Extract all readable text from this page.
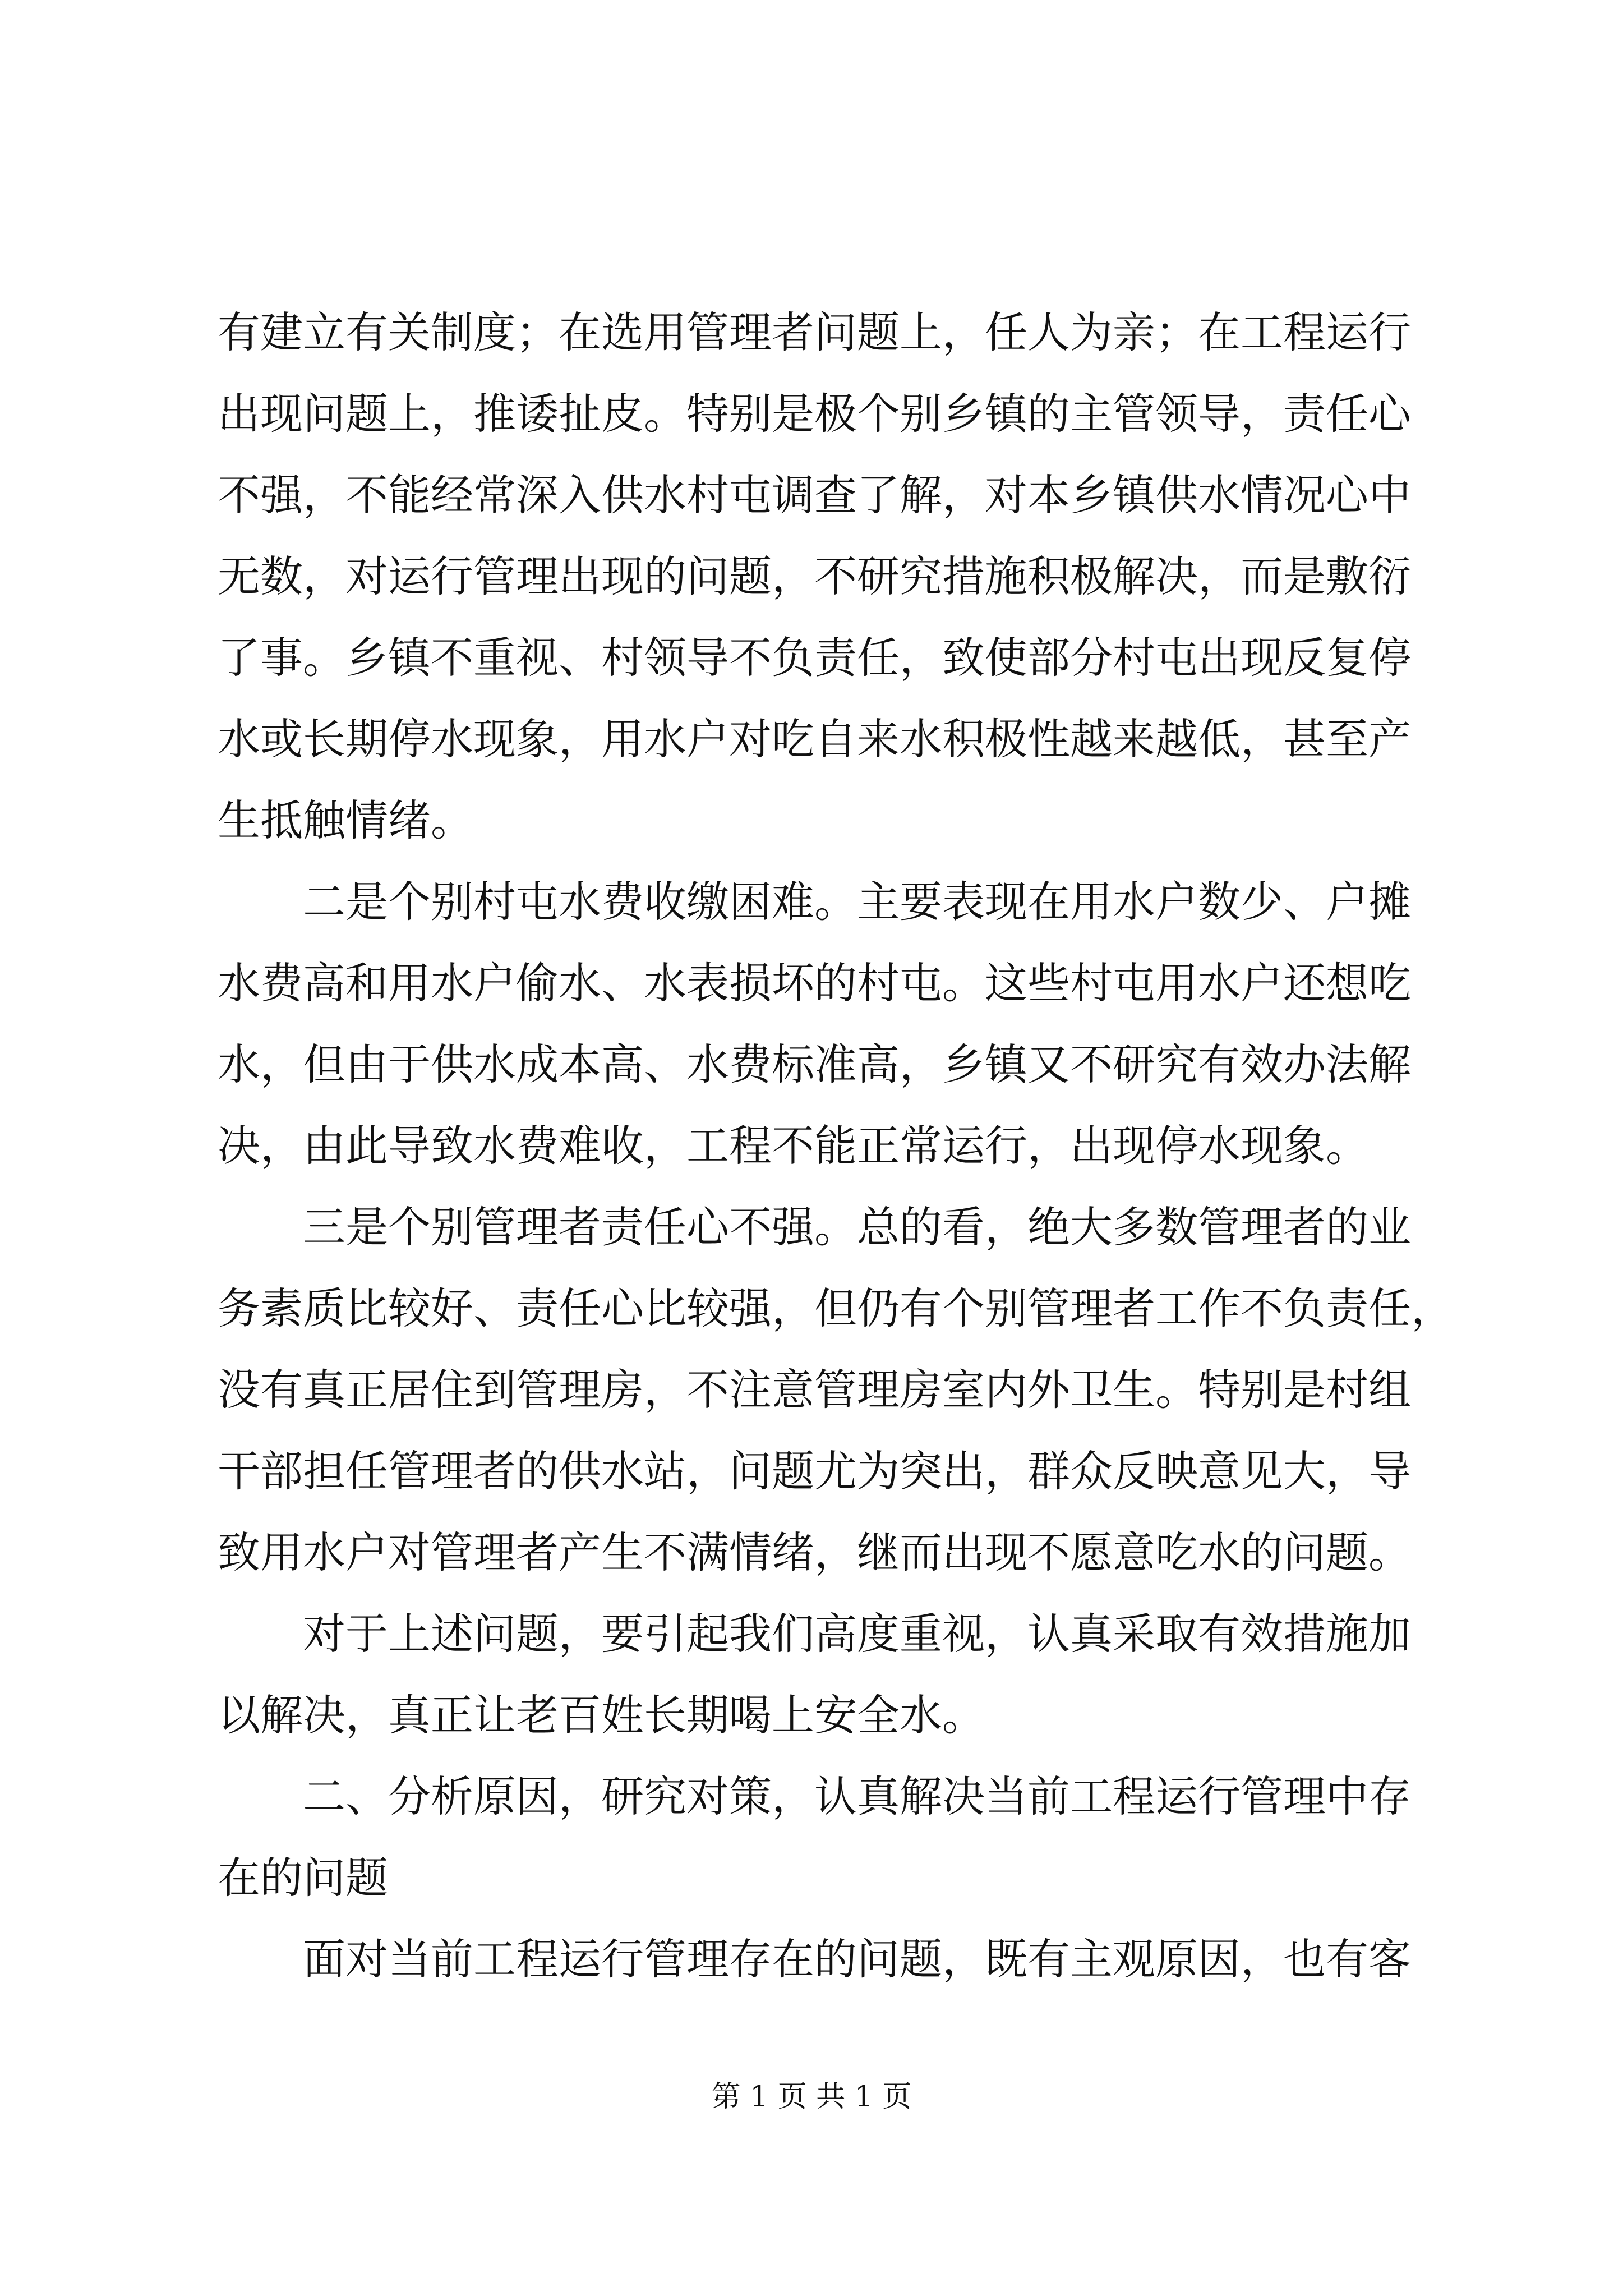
有建立有关制度；在选用管理者问题上，任人为亲；在工程运行
出现问题上，推诿扯皮。特别是极个别乡镇的主管领导，责任心
不强，不能经常深入供水村屯调查了解，对本乡镇供水情况心中
无数，对运行管理出现的问题，不研究措施积极解决，而是敷衍
了事。乡镇不重视、村领导不负责任，致使部分村屯出现反复停
水或长期停水现象，用水户对吃自来水积极性越来越低，甚至产
生抵触情绪。
二是个别村屯水费收缴困难。主要表现在用水户数少、户摊
水费高和用水户偷水、水表损坏的村屯。这些村屯用水户还想吃
水，但由于供水成本高、水费标准高，乡镇又不研究有效办法解
决，由此导致水费难收，工程不能正常运行，出现停水现象。
三是个别管理者责任心不强。总的看，绝大多数管理者的业
务素质比较好、责任心比较强，但仍有个别管理者工作不负责任，
没有真正居住到管理房，不注意管理房室内外卫生。特别是村组
干部担任管理者的供水站，问题尤为突出，群众反映意见大，导
致用水户对管理者产生不满情绪，继而出现不愿意吃水的问题。
对于上述问题，要引起我们高度重视，认真采取有效措施加
以解决，真正让老百姓长期喝上安全水。
二、分析原因，研究对策，认真解决当前工程运行管理中存
在的问题
面对当前工程运行管理存在的问题，既有主观原因，也有客
第 1 页 共 1 页
